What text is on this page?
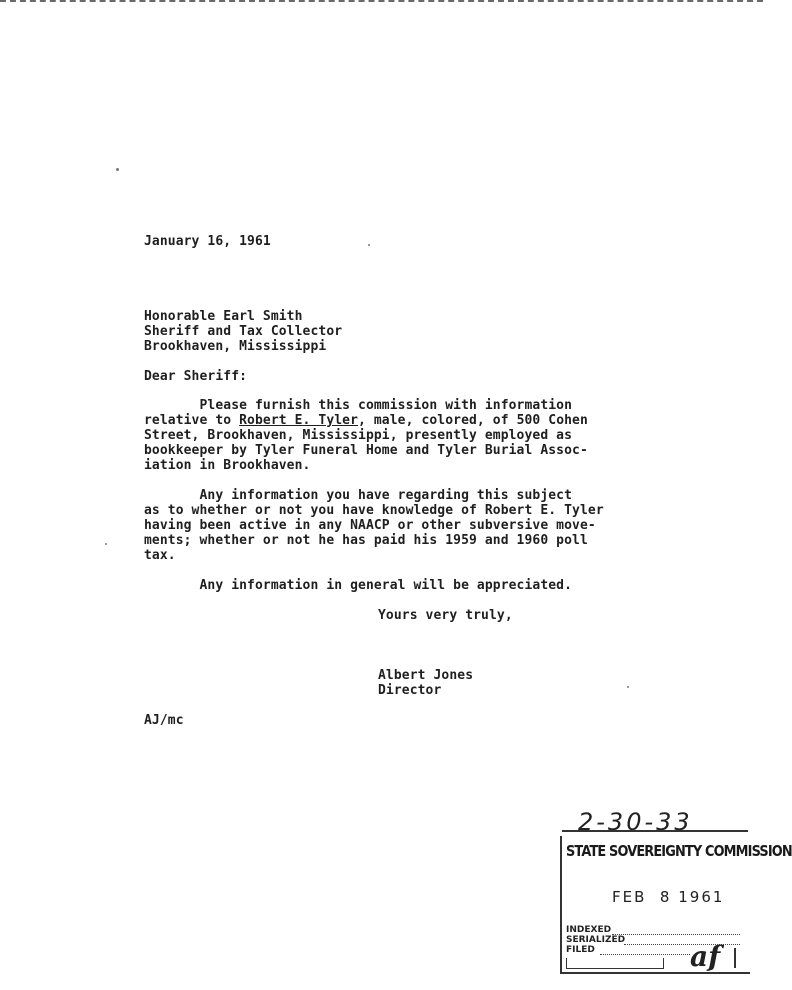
January 16, 1961
Honorable Earl Smith
Sheriff and Tax Collector
Brookhaven, Mississippi
Dear Sheriff:
Please furnish this commission with information
relative to Robert E. Tyler, male, colored, of 500 Cohen
Street, Brookhaven, Mississippi, presently employed as
bookkeeper by Tyler Funeral Home and Tyler Burial Assoc-
iation in Brookhaven.
Any information you have regarding this subject
as to whether or not you have knowledge of Robert E. Tyler
having been active in any NAACP or other subversive move-
ments; whether or not he has paid his 1959 and 1960 poll
tax.
Any information in general will be appreciated.
Yours very truly,
Albert Jones
Director
AJ/mc
2-30-33
STATE SOVEREIGNTY COMMISSION
FEB  8 1961
INDEXED
SERIALIZED
FILED	af
